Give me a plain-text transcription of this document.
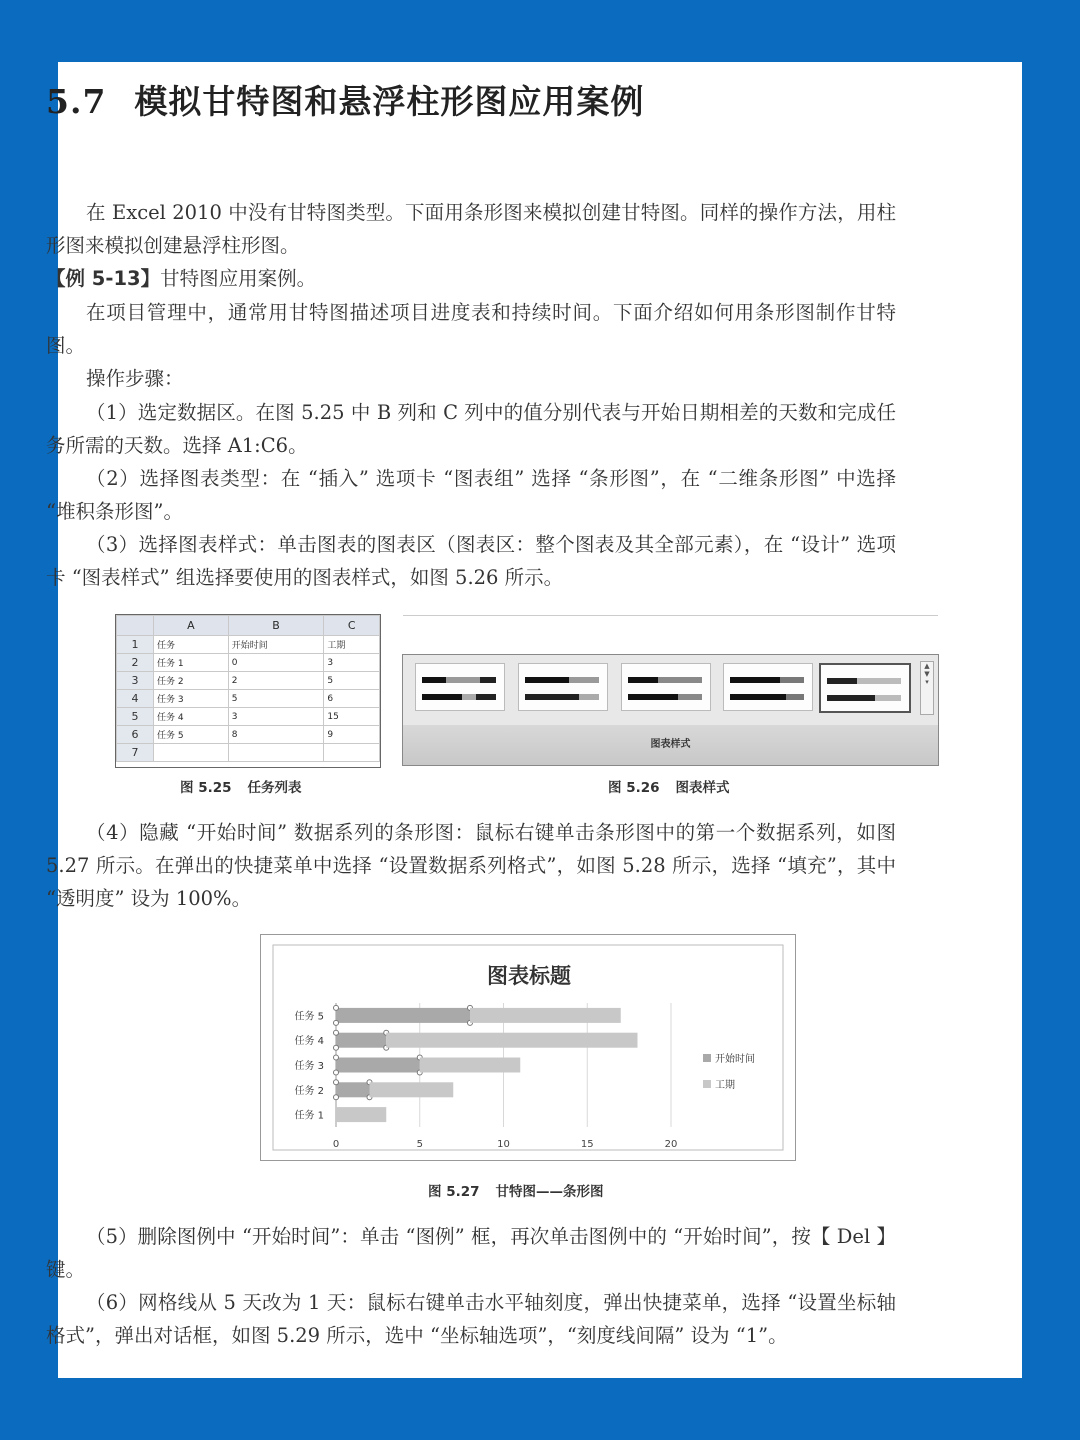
5.7 模拟甘特图和悬浮柱形图应用案例

在 Excel 2010 中没有甘特图类型。下面用条形图来模拟创建甘特图。同样的操作方法，用柱形图来模拟创建悬浮柱形图。

【例 5-13】甘特图应用案例。

在项目管理中，通常用甘特图描述项目进度表和持续时间。下面介绍如何用条形图制作甘特图。

操作步骤：

（1）选定数据区。在图 5.25 中 B 列和 C 列中的值分别代表与开始日期相差的天数和完成任务所需的天数。选择 A1:C6。

（2）选择图表类型：在 “插入” 选项卡 “图表组” 选择 “条形图”，在 “二维条形图” 中选择 “堆积条形图”。

（3）选择图表样式：单击图表的图表区（图表区：整个图表及其全部元素），在 “设计” 选项卡 “图表样式” 组选择要使用的图表样式，如图 5.26 所示。

	A	B	C
1	任务	开始时间	工期
2	任务 1	0	3
3	任务 2	2	5
4	任务 3	5	6
5	任务 4	3	15
6	任务 5	8	9
7			
图 5.25 任务列表
▲
▼
▾
图表样式
图 5.26 图表样式

（4）隐藏 “开始时间” 数据系列的条形图：鼠标右键单击条形图中的第一个数据系列，如图 5.27 所示。在弹出的快捷菜单中选择 “设置数据系列格式”，如图 5.28 所示，选择 “填充”，其中 “透明度” 设为 100%。

图表标题
0	5	10	15	20
任务 1
任务 2
任务 3
任务 4
任务 5
开始时间
工期
图 5.27 甘特图——条形图

（5）删除图例中 “开始时间”：单击 “图例” 框，再次单击图例中的 “开始时间”，按【 Del 】键。

（6）网格线从 5 天改为 1 天：鼠标右键单击水平轴刻度，弹出快捷菜单，选择 “设置坐标轴格式”，弹出对话框，如图 5.29 所示，选中 “坐标轴选项”，“刻度线间隔” 设为 “1”。
